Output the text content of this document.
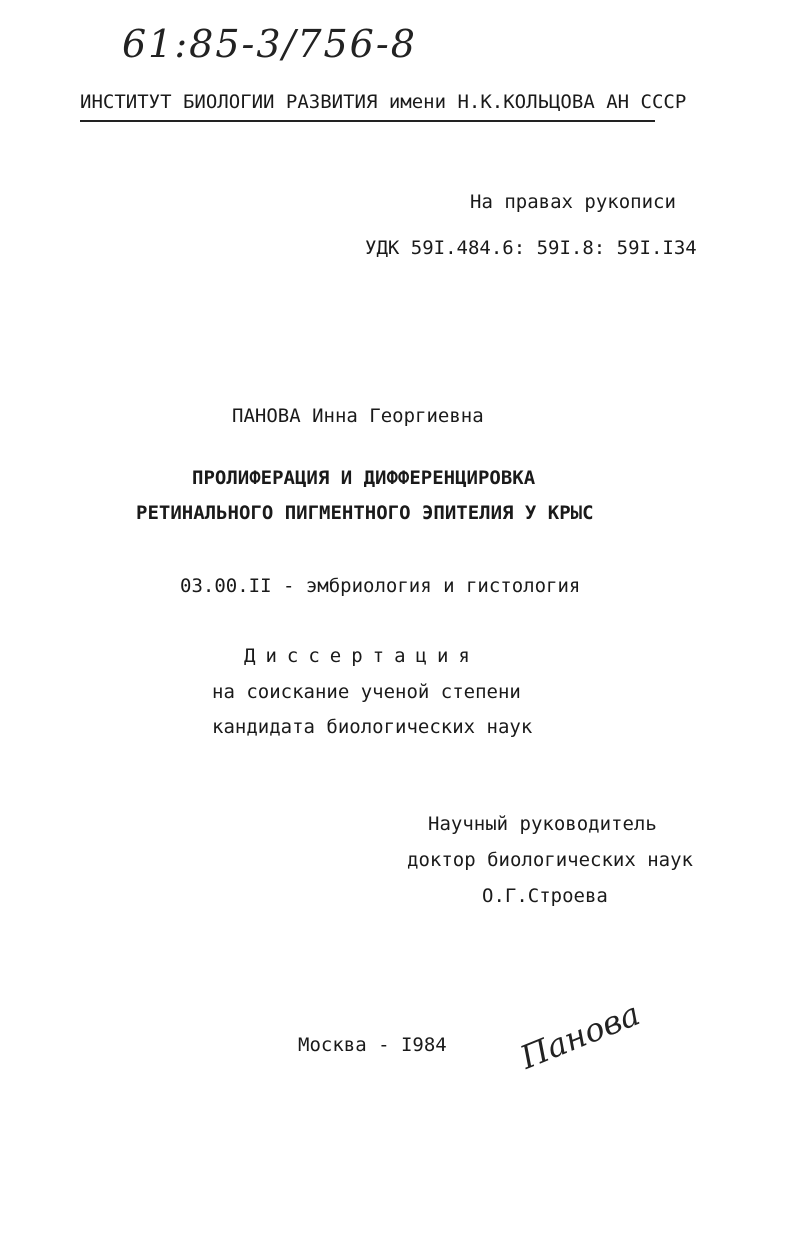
61:85-3/756-8
ИНСТИТУТ БИОЛОГИИ РАЗВИТИЯ имени Н.К.КОЛЬЦОВА АН СССР
На правах рукописи
УДК 59I.484.6: 59I.8: 59I.I34
ПАНОВА Инна Георгиевна
ПРОЛИФЕРАЦИЯ И ДИФФЕРЕНЦИРОВКА
РЕТИНАЛЬНОГО ПИГМЕНТНОГО ЭПИТЕЛИЯ У КРЫС
03.00.II - эмбриология и гистология
Диссертация
на соискание ученой степени
кандидата биологических наук
Научный руководитель
доктор биологических наук
О.Г.Строева
Москва - I984 Панова
